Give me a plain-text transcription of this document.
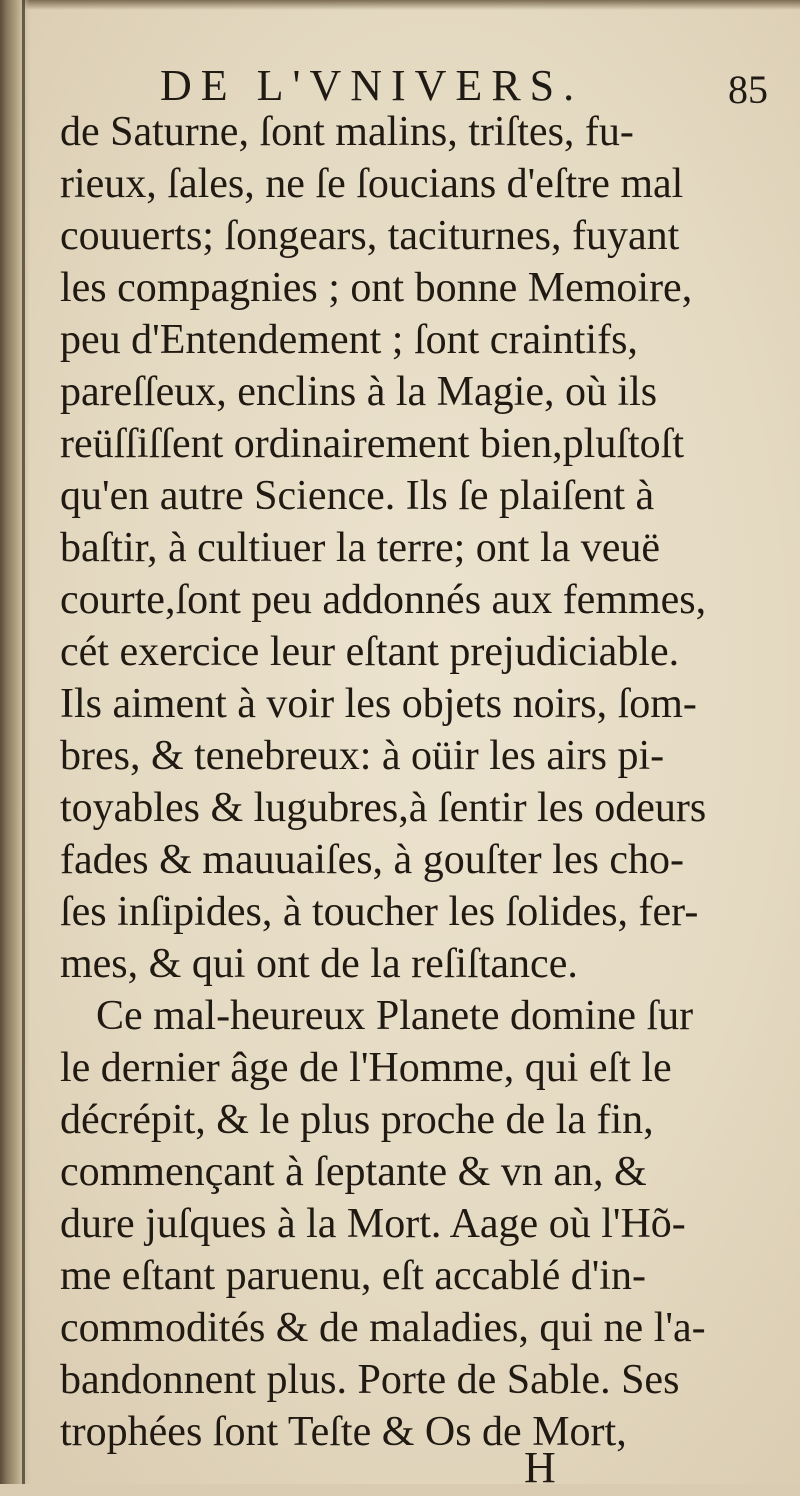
DE L'VNIVERS.	85
de Saturne, ſont malins, triſtes, fu-
rieux, ſales, ne ſe ſoucians d'eſtre mal
couuerts; ſongears, taciturnes, fuyant
les compagnies ; ont bonne Memoire,
peu d'Entendement ; ſont craintifs,
pareſſeux, enclins à la Magie, où ils
reüſſiſſent ordinairement bien,pluſtoſt
qu'en autre Science. Ils ſe plaiſent à
baſtir, à cultiuer la terre; ont la veuë
courte,ſont peu addonnés aux femmes,
cét exercice leur eſtant prejudiciable.
Ils aiment à voir les objets noirs, ſom-
bres, & tenebreux: à oüir les airs pi-
toyables & lugubres,à ſentir les odeurs
fades & mauuaiſes, à gouſter les cho-
ſes inſipides, à toucher les ſolides, fer-
mes, & qui ont de la reſiſtance.
Ce mal-heureux Planete domine ſur
le dernier âge de l'Homme, qui eſt le
décrépit, & le plus proche de la fin,
commençant à ſeptante & vn an, &
dure juſques à la Mort. Aage où l'Hõ-
me eſtant paruenu, eſt accablé d'in-
commodités & de maladies, qui ne l'a-
bandonnent plus. Porte de Sable. Ses
trophées ſont Teſte & Os de Mort,
H
